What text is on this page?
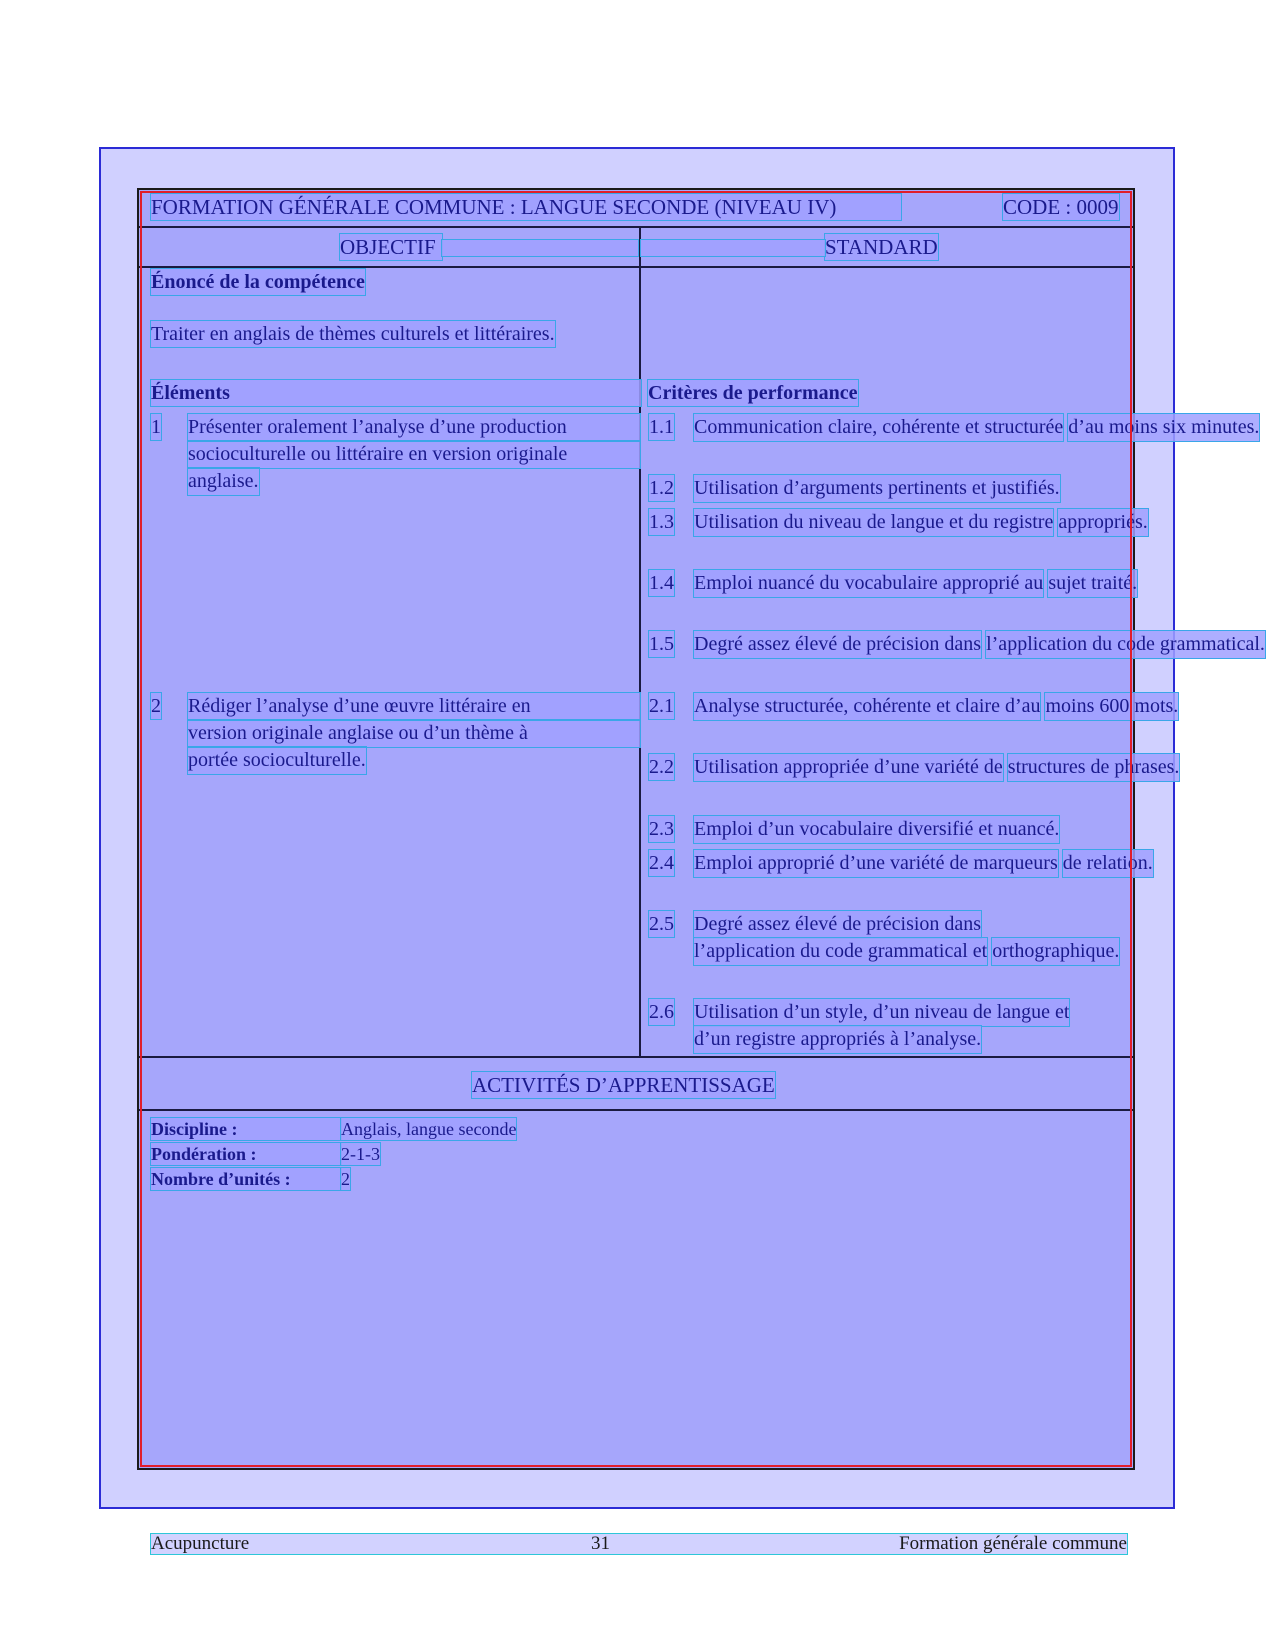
FORMATION GÉNÉRALE COMMUNE : LANGUE SECONDE (NIVEAU IV)	CODE : 0009
OBJECTIF	STANDARD
Énoncé de la compétence
Traiter en anglais de thèmes culturels et littéraires.
Éléments	Critères de performance
1 Présenter oralement l’analyse d’une production
socioculturelle ou littéraire en version originale
anglaise.
2 Rédiger l’analyse d’une œuvre littéraire en
version originale anglaise ou d’un thème à
portée socioculturelle.
1.1 Communication claire, cohérente et structurée d’au moins six minutes.
1.2 Utilisation d’arguments pertinents et justifiés.
1.3 Utilisation du niveau de langue et du registre appropriés.
1.4 Emploi nuancé du vocabulaire approprié au sujet traité.
1.5 Degré assez élevé de précision dans l’application du code grammatical.
2.1 Analyse structurée, cohérente et claire d’au moins 600 mots.
2.2 Utilisation appropriée d’une variété de structures de phrases.
2.3 Emploi d’un vocabulaire diversifié et nuancé.
2.4 Emploi approprié d’une variété de marqueurs de relation.
2.5 Degré assez élevé de précision dans l’application du code grammatical et orthographique.
2.6 Utilisation d’un style, d’un niveau de langue et d’un registre appropriés à l’analyse.
ACTIVITÉS D’APPRENTISSAGE
Discipline :	Anglais, langue seconde
Pondération :	2-1-3
Nombre d’unités :	2
Acupuncture	31	Formation générale commune
